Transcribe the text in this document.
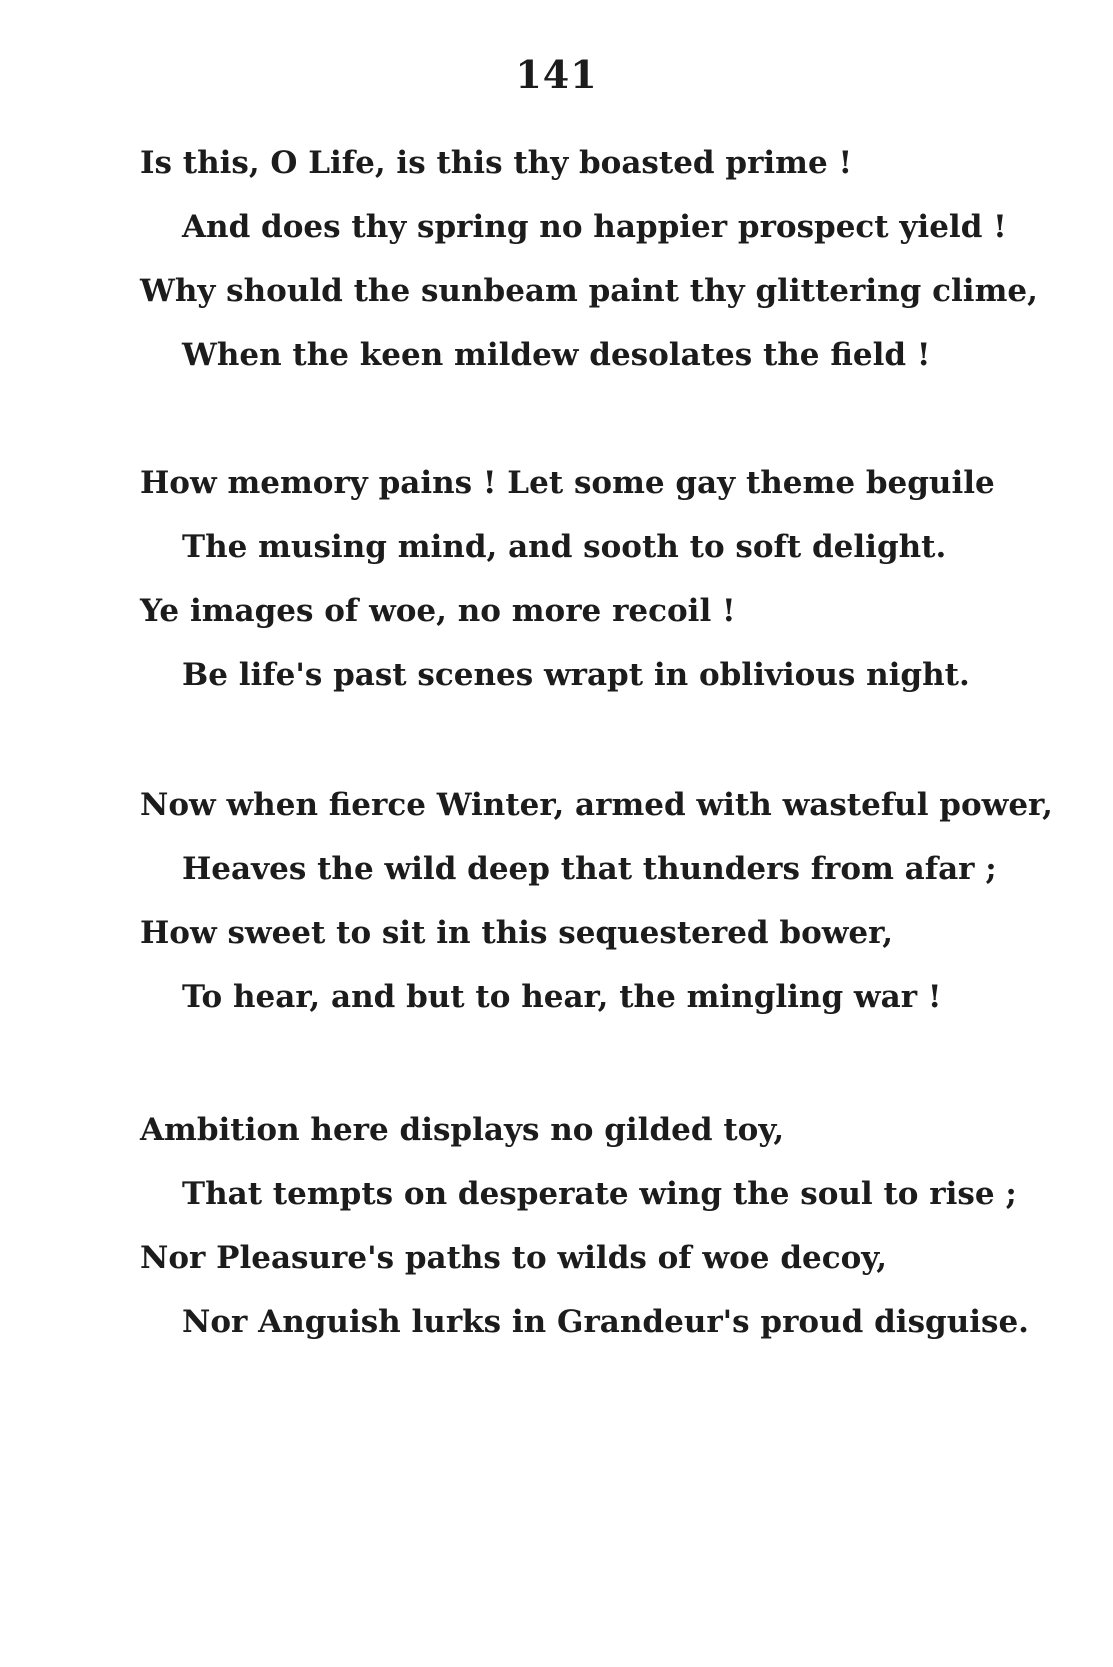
141
Is this, O Life, is this thy boasted prime !
And does thy spring no happier prospect yield !
Why should the sunbeam paint thy glittering clime,
When the keen mildew desolates the field !
How memory pains ! Let some gay theme beguile
The musing mind, and sooth to soft delight.
Ye images of woe, no more recoil !
Be life's past scenes wrapt in oblivious night.
Now when fierce Winter, armed with wasteful power,
Heaves the wild deep that thunders from afar ;
How sweet to sit in this sequestered bower,
To hear, and but to hear, the mingling war !
Ambition here displays no gilded toy,
That tempts on desperate wing the soul to rise ;
Nor Pleasure's paths to wilds of woe decoy,
Nor Anguish lurks in Grandeur's proud disguise.
